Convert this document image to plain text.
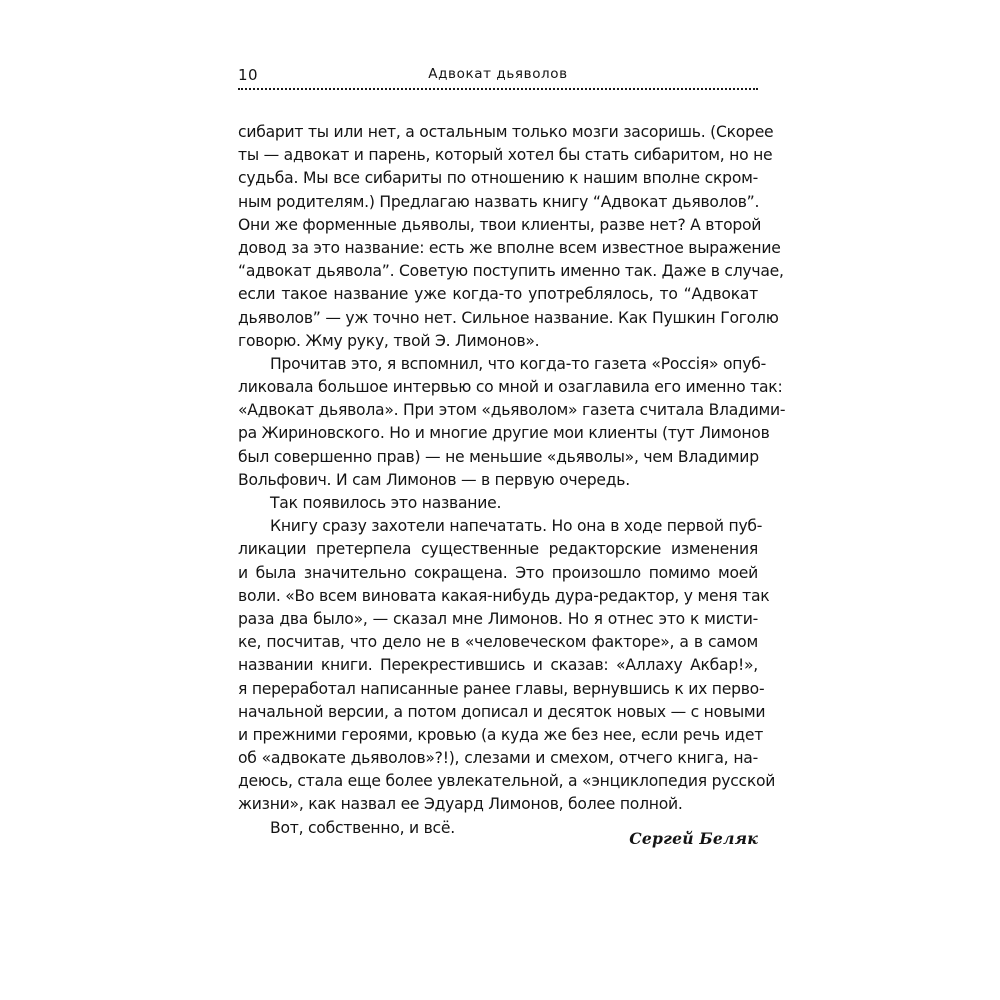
10	Адвокат дьяволов
сибарит ты или нет, а остальным только мозги засоришь. (Скорее
ты — адвокат и парень, который хотел бы стать сибаритом, но не
судьба. Мы все сибариты по отношению к нашим вполне скром-
ным родителям.) Предлагаю назвать книгу “Адвокат дьяволов”.
Они же форменные дьяволы, твои клиенты, разве нет? А второй
довод за это название: есть же вполне всем известное выражение
“адвокат дьявола”. Советую поступить именно так. Даже в случае,
если такое название уже когда-то употреблялось, то “Адвокат
дьяволов” — уж точно нет. Сильное название. Как Пушкин Гоголю
говорю. Жму руку, твой Э. Лимонов».
Прочитав это, я вспомнил, что когда-то газета «Россія» опуб-
ликовала большое интервью со мной и озаглавила его именно так:
«Адвокат дьявола». При этом «дьяволом» газета считала Владими-
ра Жириновского. Но и многие другие мои клиенты (тут Лимонов
был совершенно прав) — не меньшие «дьяволы», чем Владимир
Вольфович. И сам Лимонов — в первую очередь.
Так появилось это название.
Книгу сразу захотели напечатать. Но она в ходе первой пуб-
ликации претерпела существенные редакторские изменения
и была значительно сокращена. Это произошло помимо моей
воли. «Во всем виновата какая-нибудь дура-редактор, у меня так
раза два было», — сказал мне Лимонов. Но я отнес это к мисти-
ке, посчитав, что дело не в «человеческом факторе», а в самом
названии книги. Перекрестившись и сказав: «Аллаху Акбар!»,
я переработал написанные ранее главы, вернувшись к их перво-
начальной версии, а потом дописал и десяток новых — с новыми
и прежними героями, кровью (а куда же без нее, если речь идет
об «адвокате дьяволов»?!), слезами и смехом, отчего книга, на-
деюсь, стала еще более увлекательной, а «энциклопедия русской
жизни», как назвал ее Эдуард Лимонов, более полной.
Вот, собственно, и всё.
Сергей Беляк
